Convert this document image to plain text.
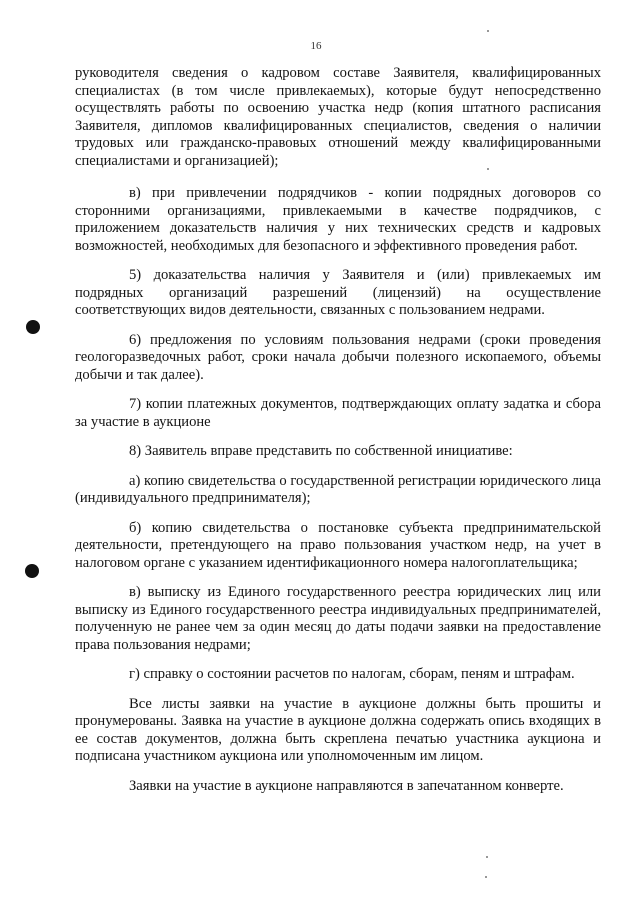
16

руководителя сведения о кадровом составе Заявителя, квалифицированных специалистах (в том числе привлекаемых), которые будут непосредственно осуществлять работы по освоению участка недр (копия штатного расписания Заявителя, дипломов квалифицированных специалистов, сведения о наличии трудовых или гражданско-правовых отношений между квалифицированными специалистами и организацией);

в) при привлечении подрядчиков - копии подрядных договоров со сторонними организациями, привлекаемыми в качестве подрядчиков, с приложением доказательств наличия у них технических средств и кадровых возможностей, необходимых для безопасного и эффективного проведения работ.

5) доказательства наличия у Заявителя и (или) привлекаемых им подрядных организаций разрешений (лицензий) на осуществление соответствующих видов деятельности, связанных с пользованием недрами.

6) предложения по условиям пользования недрами (сроки проведения геологоразведочных работ, сроки начала добычи полезного ископаемого, объемы добычи и так далее).

7) копии платежных документов, подтверждающих оплату задатка и сбора за участие в аукционе

8) Заявитель вправе представить по собственной инициативе:

а) копию свидетельства о государственной регистрации юридического лица (индивидуального предпринимателя);

б) копию свидетельства о постановке субъекта предпринимательской деятельности, претендующего на право пользования участком недр, на учет в налоговом органе с указанием идентификационного номера налогоплательщика;

в) выписку из Единого государственного реестра юридических лиц или выписку из Единого государственного реестра индивидуальных предпринимателей, полученную не ранее чем за один месяц до даты подачи заявки на предоставление права пользования недрами;

г) справку о состоянии расчетов по налогам, сборам, пеням и штрафам.

Все листы заявки на участие в аукционе должны быть прошиты и пронумерованы. Заявка на участие в аукционе должна содержать опись входящих в ее состав документов, должна быть скреплена печатью участника аукциона и подписана участником аукциона или уполномоченным им лицом.

Заявки на участие в аукционе направляются в запечатанном конверте.
